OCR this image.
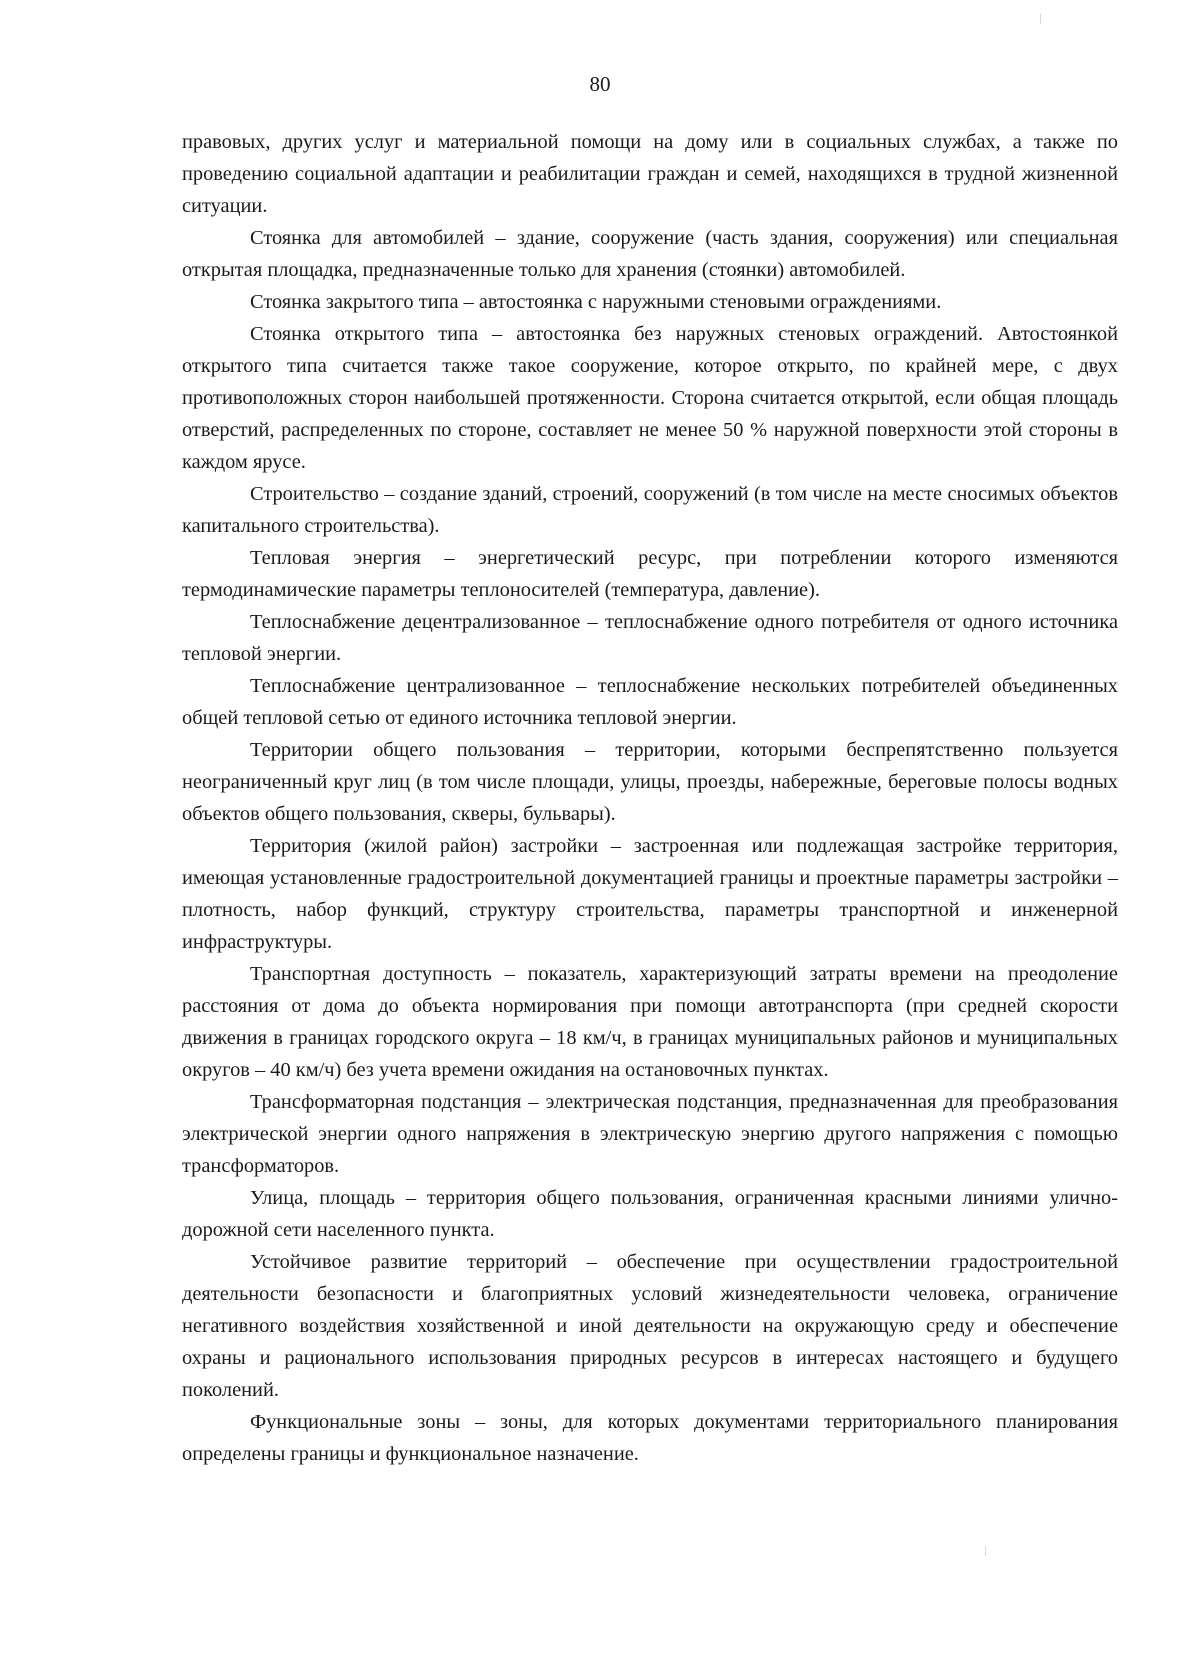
80

правовых, других услуг и материальной помощи на дому или в социальных службах, а также по проведению социальной адаптации и реабилитации граждан и семей, находящихся в трудной жизненной ситуации.

Стоянка для автомобилей – здание, сооружение (часть здания, сооружения) или специальная открытая площадка, предназначенные только для хранения (стоянки) автомобилей.

Стоянка закрытого типа – автостоянка с наружными стеновыми ограждениями.

Стоянка открытого типа – автостоянка без наружных стеновых ограждений. Автостоянкой открытого типа считается также такое сооружение, которое открыто, по крайней мере, с двух противоположных сторон наибольшей протяженности. Сторона считается открытой, если общая площадь отверстий, распределенных по стороне, составляет не менее 50 % наружной поверхности этой стороны в каждом ярусе.

Строительство – создание зданий, строений, сооружений (в том числе на месте сносимых объектов капитального строительства).

Тепловая энергия – энергетический ресурс, при потреблении которого изменяются термодинамические параметры теплоносителей (температура, давление).

Теплоснабжение децентрализованное – теплоснабжение одного потребителя от одного источника тепловой энергии.

Теплоснабжение централизованное – теплоснабжение нескольких потребителей объединенных общей тепловой сетью от единого источника тепловой энергии.

Территории общего пользования – территории, которыми беспрепятственно пользуется неограниченный круг лиц (в том числе площади, улицы, проезды, набережные, береговые полосы водных объектов общего пользования, скверы, бульвары).

Территория (жилой район) застройки – застроенная или подлежащая застройке территория, имеющая установленные градостроительной документацией границы и проектные параметры застройки – плотность, набор функций, структуру строительства, параметры транспортной и инженерной инфраструктуры.

Транспортная доступность – показатель, характеризующий затраты времени на преодоление расстояния от дома до объекта нормирования при помощи автотранспорта (при средней скорости движения в границах городского округа – 18 км/ч, в границах муниципальных районов и муниципальных округов – 40 км/ч) без учета времени ожидания на остановочных пунктах.

Трансформаторная подстанция – электрическая подстанция, предназначенная для преобразования электрической энергии одного напряжения в электрическую энергию другого напряжения с помощью трансформаторов.

Улица, площадь – территория общего пользования, ограниченная красными линиями улично-дорожной сети населенного пункта.

Устойчивое развитие территорий – обеспечение при осуществлении градостроительной деятельности безопасности и благоприятных условий жизнедеятельности человека, ограничение негативного воздействия хозяйственной и иной деятельности на окружающую среду и обеспечение охраны и рационального использования природных ресурсов в интересах настоящего и будущего поколений.

Функциональные зоны – зоны, для которых документами территориального планирования определены границы и функциональное назначение.
